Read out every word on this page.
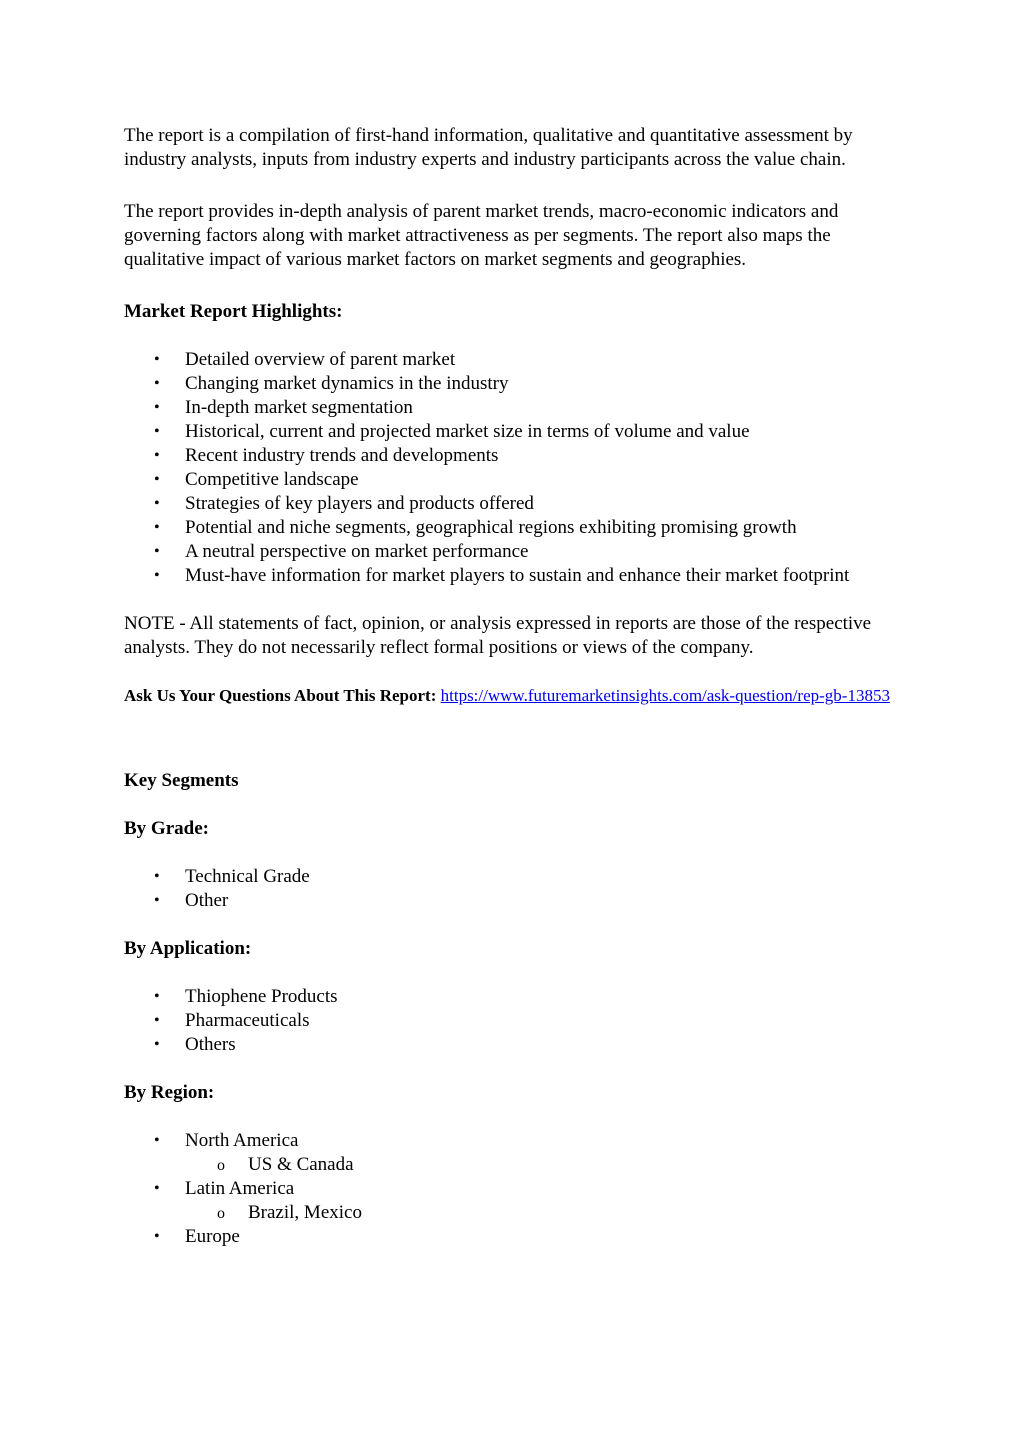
The report is a compilation of first-hand information, qualitative and quantitative assessment by industry analysts, inputs from industry experts and industry participants across the value chain.

The report provides in-depth analysis of parent market trends, macro-economic indicators and governing factors along with market attractiveness as per segments. The report also maps the qualitative impact of various market factors on market segments and geographies.

Market Report Highlights:

• Detailed overview of parent market
• Changing market dynamics in the industry
• In-depth market segmentation
• Historical, current and projected market size in terms of volume and value
• Recent industry trends and developments
• Competitive landscape
• Strategies of key players and products offered
• Potential and niche segments, geographical regions exhibiting promising growth
• A neutral perspective on market performance
• Must-have information for market players to sustain and enhance their market footprint

NOTE - All statements of fact, opinion, or analysis expressed in reports are those of the respective analysts. They do not necessarily reflect formal positions or views of the company.

Ask Us Your Questions About This Report: https://www.futuremarketinsights.com/ask-question/rep-gb-13853

Key Segments

By Grade:

• Technical Grade
• Other

By Application:

• Thiophene Products
• Pharmaceuticals
• Others

By Region:

• North America
o US & Canada
• Latin America
o Brazil, Mexico
• Europe
